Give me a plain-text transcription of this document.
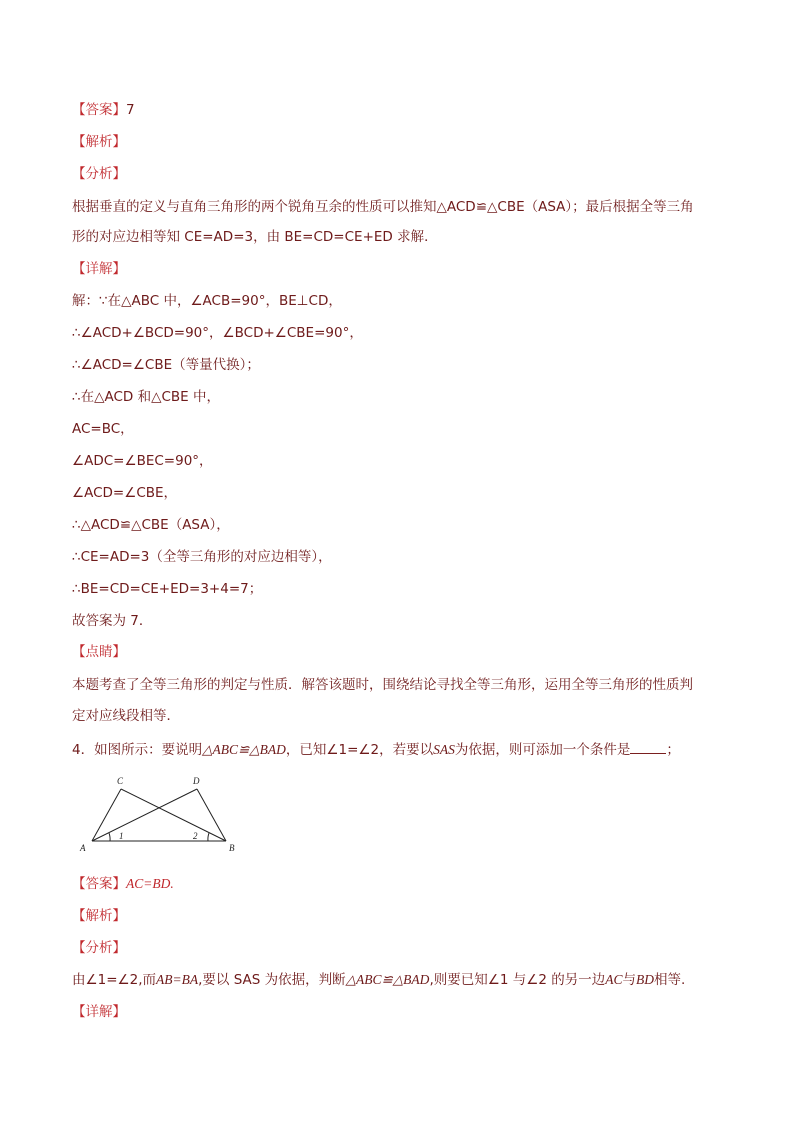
【答案】7
【解析】
【分析】
根据垂直的定义与直角三角形的两个锐角互余的性质可以推知△ACD≌△CBE（ASA）；最后根据全等三角
形的对应边相等知 CE=AD=3，由 BE=CD=CE+ED 求解．
【详解】
解：∵在△ABC 中，∠ACB=90°，BE⊥CD，
∴∠ACD+∠BCD=90°，∠BCD+∠CBE=90°，
∴∠ACD=∠CBE（等量代换）；
∴在△ACD 和△CBE 中，
AC=BC，
∠ADC=∠BEC=90°，
∠ACD=∠CBE，
∴△ACD≌△CBE（ASA），
∴CE=AD=3（全等三角形的对应边相等），
∴BE=CD=CE+ED=3+4=7；
故答案为 7．
【点睛】
本题考查了全等三角形的判定与性质．解答该题时，围绕结论寻找全等三角形，运用全等三角形的性质判
定对应线段相等．
4．如图所示：要说明△ABC≌△BAD，已知∠1=∠2，若要以SAS为依据，则可添加一个条件是	；
C	D
A	B
1	2
【答案】AC=BD.
【解析】
【分析】
由∠1=∠2,而AB=BA,要以 SAS 为依据，判断△ABC≌△BAD,则要已知∠1 与∠2 的另一边AC与BD相等.
【详解】
